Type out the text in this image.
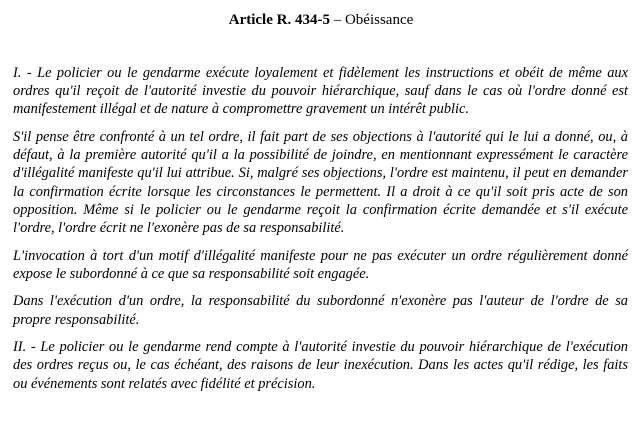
Article R. 434-5 – Obéissance

I. - Le policier ou le gendarme exécute loyalement et fidèlement les instructions et obéit de même aux ordres qu'il reçoit de l'autorité investie du pouvoir hiérarchique, sauf dans le cas où l'ordre donné est manifestement illégal et de nature à compromettre gravement un intérêt public.

S'il pense être confronté à un tel ordre, il fait part de ses objections à l'autorité qui le lui a donné, ou, à défaut, à la première autorité qu'il a la possibilité de joindre, en mentionnant expressément le caractère d'illégalité manifeste qu'il lui attribue. Si, malgré ses objections, l'ordre est maintenu, il peut en demander la confirmation écrite lorsque les circonstances le permettent. Il a droit à ce qu'il soit pris acte de son opposition. Même si le policier ou le gendarme reçoit la confirmation écrite demandée et s'il exécute l'ordre, l'ordre écrit ne l'exonère pas de sa responsabilité.

L'invocation à tort d'un motif d'illégalité manifeste pour ne pas exécuter un ordre régulièrement donné expose le subordonné à ce que sa responsabilité soit engagée.

Dans l'exécution d'un ordre, la responsabilité du subordonné n'exonère pas l'auteur de l'ordre de sa propre responsabilité.

II. - Le policier ou le gendarme rend compte à l'autorité investie du pouvoir hiérarchique de l'exécution des ordres reçus ou, le cas échéant, des raisons de leur inexécution. Dans les actes qu'il rédige, les faits ou événements sont relatés avec fidélité et précision.
